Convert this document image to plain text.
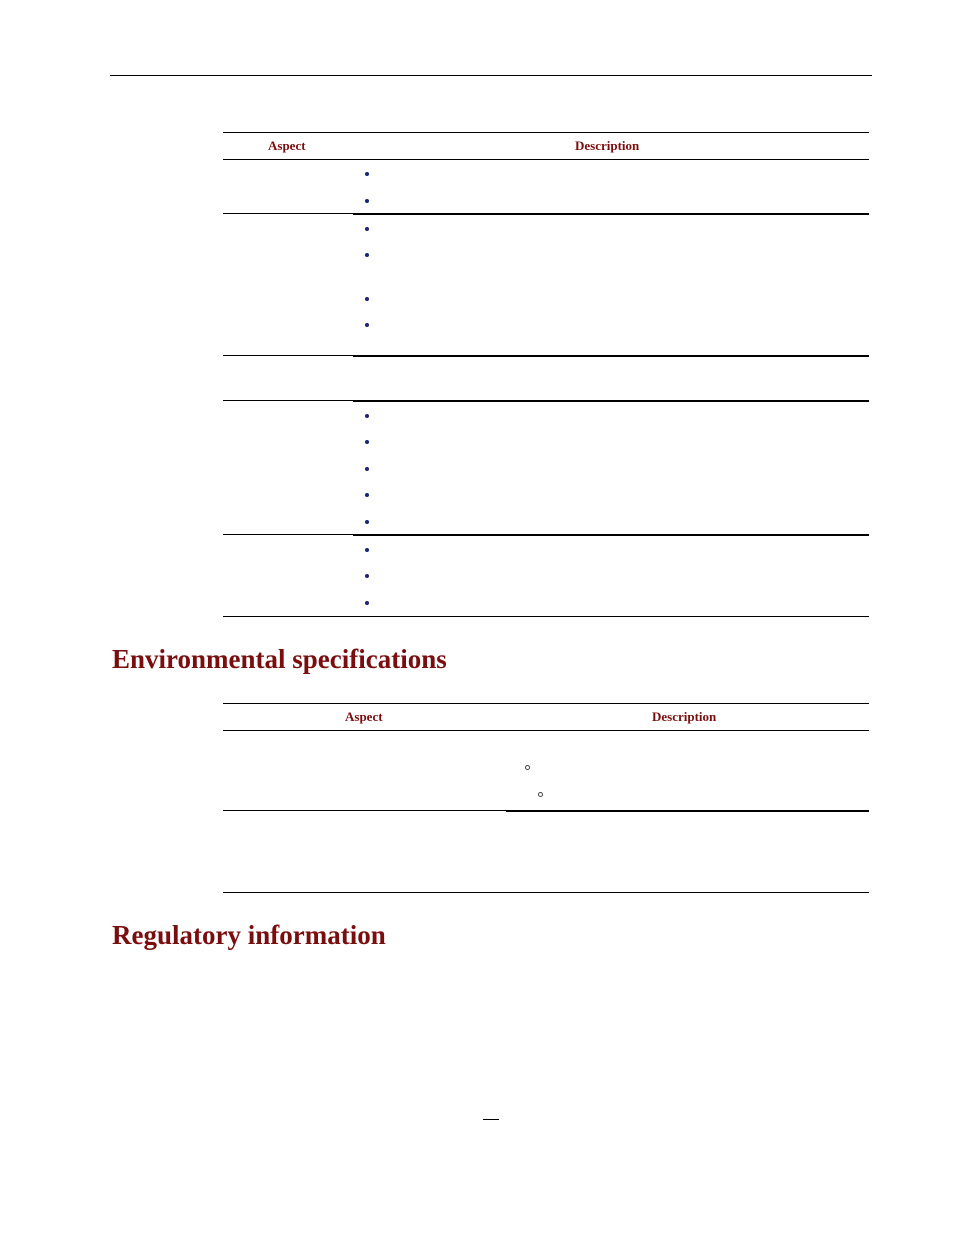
Aspect	Description
Environmental specifications
Aspect	Description
Regulatory information
